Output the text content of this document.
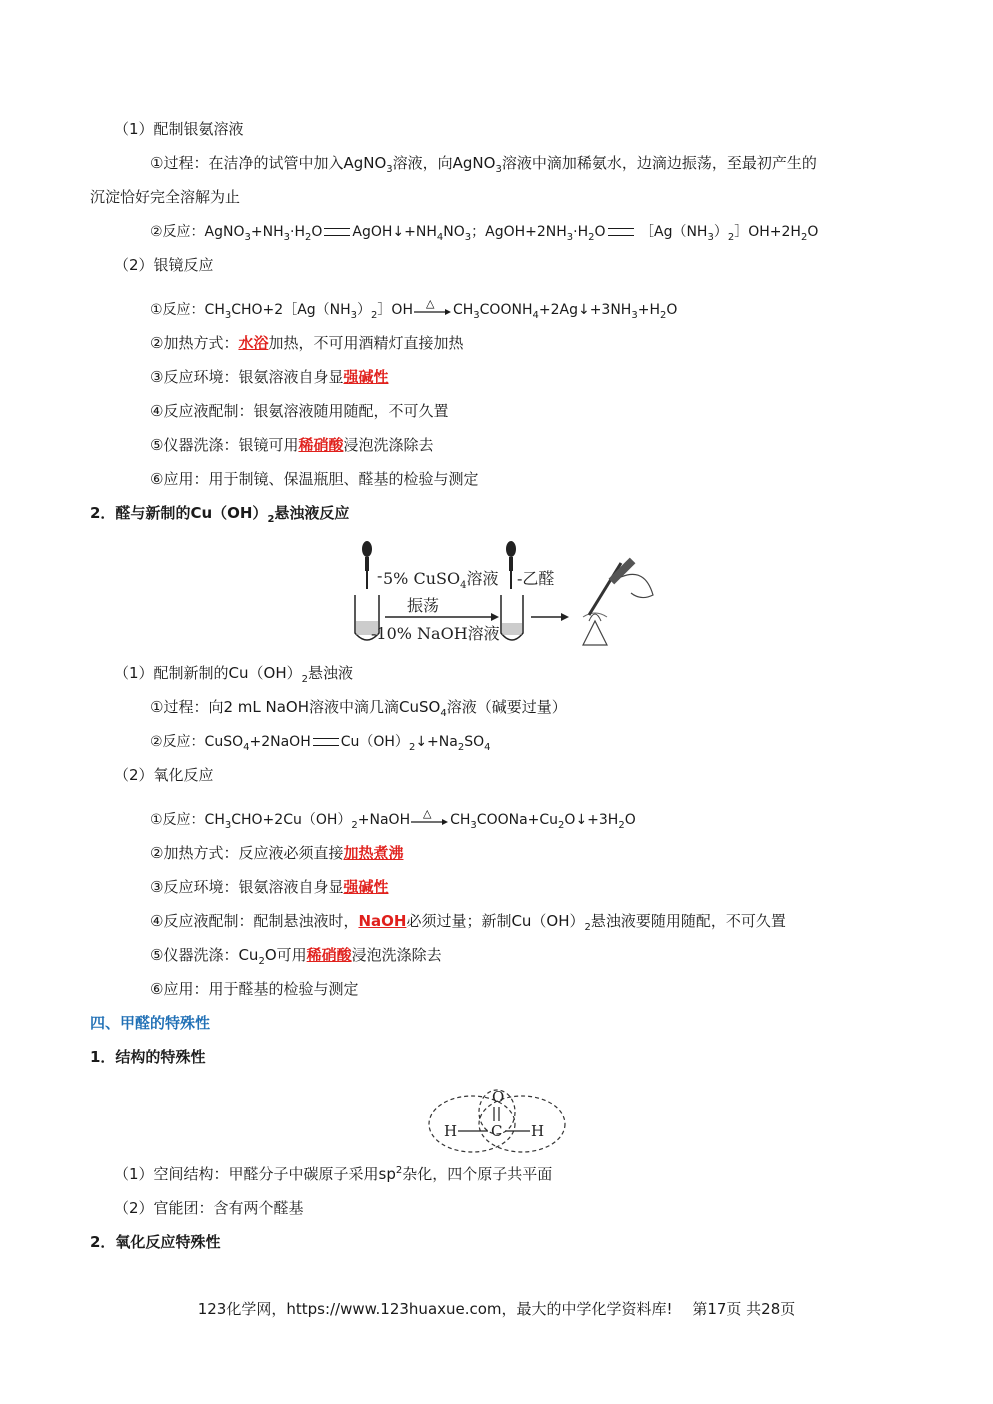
（1）配制银氨溶液
①过程：在洁净的试管中加入AgNO$_3$溶液，向AgNO$_3$溶液中滴加稀氨水，边滴边振荡，至最初产生的
沉淀恰好完全溶解为止
②反应：$AgNO_3+NH_3\cdot H_2O$ $AgOH↓+NH_4NO_3$；$AgOH+2NH_3\cdot H_2O$ $[Ag(NH_3)_2]OH+2H_2O$
（2）银镜反应
①反应：$CH_3CHO+2[Ag(NH_3)_2]OH$ △ $CH_3COONH_4+2Ag↓+3NH_3+H_2O$
②加热方式：水浴加热，不可用酒精灯直接加热
③反应环境：银氨溶液自身显强碱性
④反应液配制：银氨溶液随用随配，不可久置
⑤仪器洗涤：银镜可用稀硝酸浸泡洗涤除去
⑥应用：用于制镜、保温瓶胆、醛基的检验与测定
2．醛与新制的$Cu(OH)_2$悬浊液反应
- 5% CuSO$_4$溶液
振荡
-10% NaOH溶液
-乙醛
（1）配制新制的$Cu(OH)_2$悬浊液
①过程：向2 mL NaOH溶液中滴几滴CuSO$_4$溶液（碱要过量）
②反应：CuSO$_4$+2NaOH $Cu(OH)_2↓+Na_2SO_4$
（2）氧化反应
①反应：$CH_3CHO+2Cu(OH)_2+NaOH$ △ $CH_3COONa+Cu_2O↓+3H_2O$
②加热方式：反应液必须直接加热煮沸
③反应环境：银氨溶液自身显强碱性
④反应液配制：配制悬浊液时，NaOH必须过量；新制$Cu(OH)_2$悬浊液要随用随配，不可久置
⑤仪器洗涤：$Cu_2O$可用稀硝酸浸泡洗涤除去
⑥应用：用于醛基的检验与测定
四、甲醛的特殊性
1．结构的特殊性
O
H C H
（1）空间结构：甲醛分子中碳原子采用$sp^2$杂化，四个原子共平面
（2）官能团：含有两个醛基
2．氧化反应特殊性
123化学网，https://www.123huaxue.com，最大的中学化学资料库!　 第17页 共28页
